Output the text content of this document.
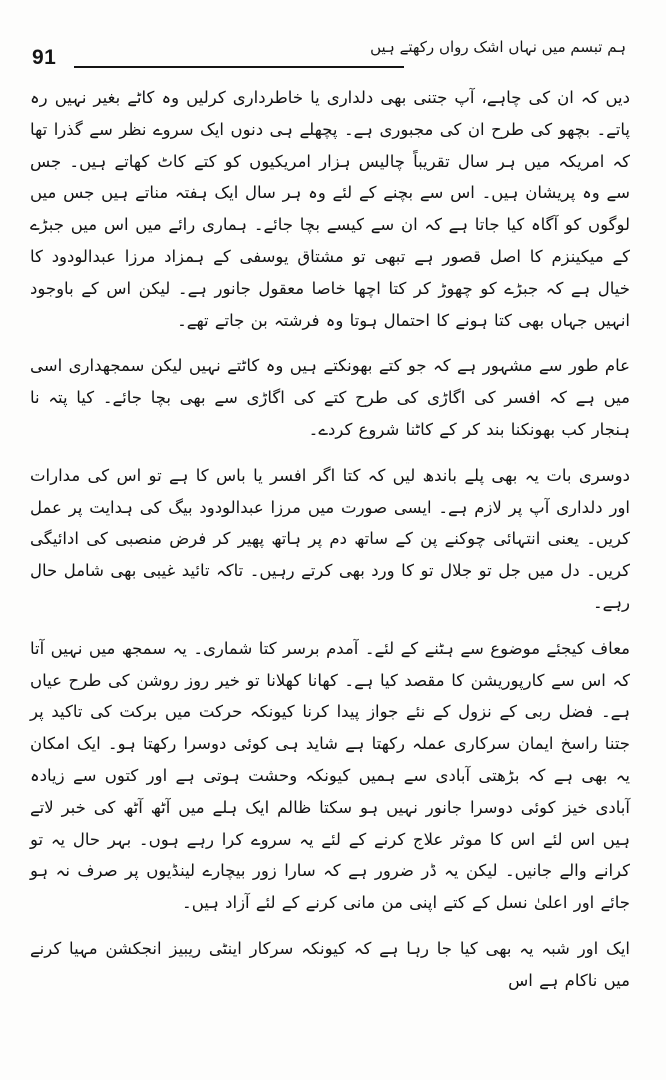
91	ہم تبسم میں نہاں اشک رواں رکھتے ہیں

دیں کہ ان کی چاہے، آپ جتنی بھی دلداری یا خاطرداری کرلیں وہ کاٹے بغیر نہیں رہ پاتے۔ بچھو کی طرح ان کی مجبوری ہے۔ پچھلے ہی دنوں ایک سروے نظر سے گذرا تھا کہ امریکہ میں ہر سال تقریباً چالیس ہزار امریکیوں کو کتے کاٹ کھاتے ہیں۔ جس سے وہ پریشان ہیں۔ اس سے بچنے کے لئے وہ ہر سال ایک ہفتہ مناتے ہیں جس میں لوگوں کو آگاہ کیا جاتا ہے کہ ان سے کیسے بچا جائے۔ ہماری رائے میں اس میں جبڑے کے میکینزم کا اصل قصور ہے تبھی تو مشتاق یوسفی کے ہمزاد مرزا عبدالودود کا خیال ہے کہ جبڑے کو چھوڑ کر کتا اچھا خاصا معقول جانور ہے۔ لیکن اس کے باوجود انہیں جہاں بھی کتا ہونے کا احتمال ہوتا وہ فرشتہ بن جاتے تھے۔

عام طور سے مشہور ہے کہ جو کتے بھونکتے ہیں وہ کاٹتے نہیں لیکن سمجھداری اسی میں ہے کہ افسر کی اگاڑی کی طرح کتے کی اگاڑی سے بھی بچا جائے۔ کیا پتہ نا ہنجار کب بھونکنا بند کر کے کاٹنا شروع کردے۔

دوسری بات یہ بھی پلے باندھ لیں کہ کتا اگر افسر یا باس کا ہے تو اس کی مدارات اور دلداری آپ پر لازم ہے۔ ایسی صورت میں مرزا عبدالودود بیگ کی ہدایت پر عمل کریں۔ یعنی انتہائی چوکنے پن کے ساتھ دم پر ہاتھ پھیر کر فرض منصبی کی ادائیگی کریں۔ دل میں جل تو جلال تو کا ورد بھی کرتے رہیں۔ تاکہ تائید غیبی بھی شامل حال رہے۔

معاف کیجئے موضوع سے ہٹنے کے لئے۔ آمدم برسر کتا شماری۔ یہ سمجھ میں نہیں آتا کہ اس سے کارپوریشن کا مقصد کیا ہے۔ کھانا کھلانا تو خیر روز روشن کی طرح عیاں ہے۔ فضل ربی کے نزول کے نئے جواز پیدا کرنا کیونکہ حرکت میں برکت کی تاکید پر جتنا راسخ ایمان سرکاری عملہ رکھتا ہے شاید ہی کوئی دوسرا رکھتا ہو۔ ایک امکان یہ بھی ہے کہ بڑھتی آبادی سے ہمیں کیونکہ وحشت ہوتی ہے اور کتوں سے زیادہ آبادی خیز کوئی دوسرا جانور نہیں ہو سکتا ظالم ایک ہلے میں آٹھ آٹھ کی خبر لاتے ہیں اس لئے اس کا موثر علاج کرنے کے لئے یہ سروے کرا رہے ہوں۔ بہر حال یہ تو کرانے والے جانیں۔ لیکن یہ ڈر ضرور ہے کہ سارا زور بیچارے لینڈیوں پر صرف نہ ہو جائے اور اعلیٰ نسل کے کتے اپنی من مانی کرنے کے لئے آزاد ہیں۔

ایک اور شبہ یہ بھی کیا جا رہا ہے کہ کیونکہ سرکار اینٹی ریبیز انجکشن مہیا کرنے میں ناکام ہے اس
